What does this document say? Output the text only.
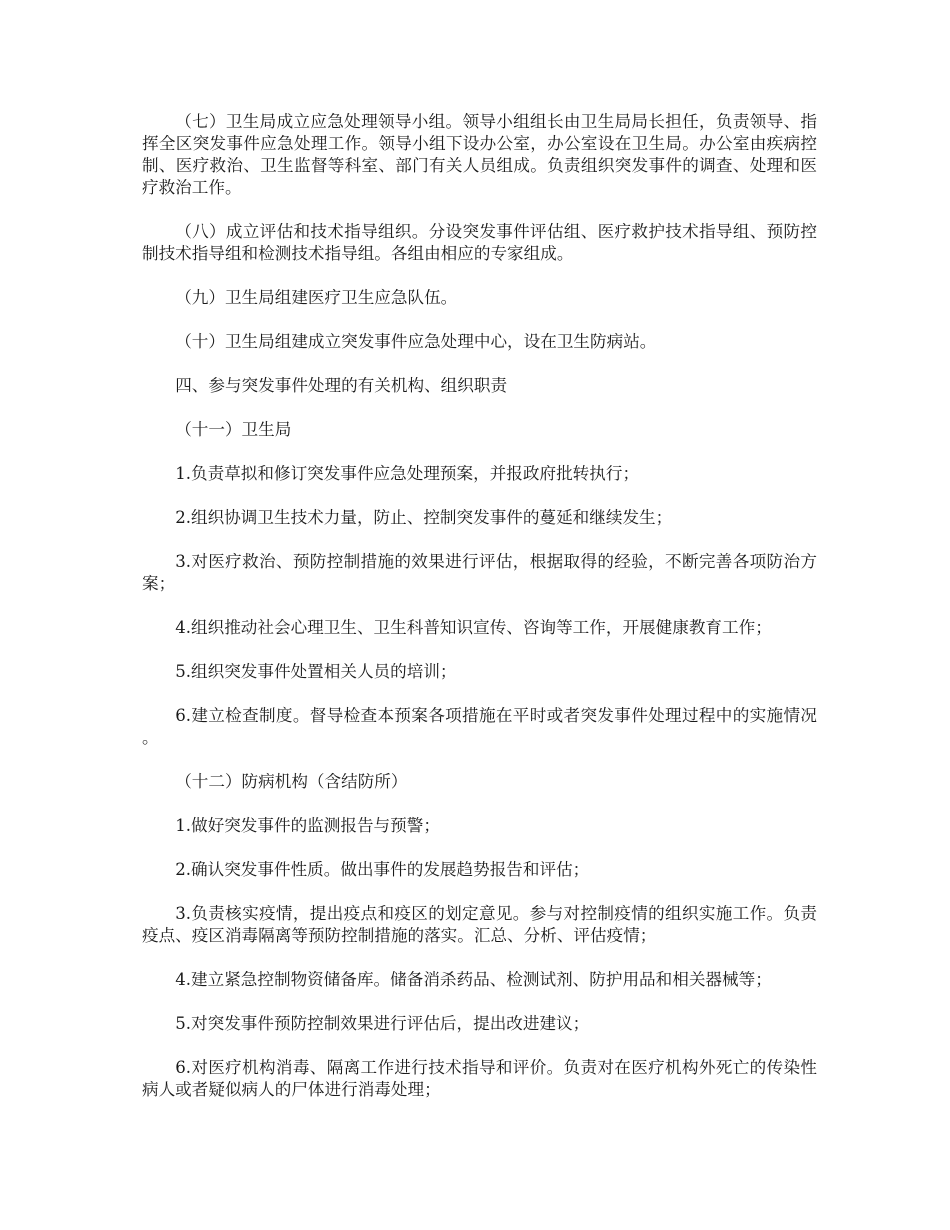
（七）卫生局成立应急处理领导小组。领导小组组长由卫生局局长担任，负责领导、指挥全区突发事件应急处理工作。领导小组下设办公室，办公室设在卫生局。办公室由疾病控制、医疗救治、卫生监督等科室、部门有关人员组成。负责组织突发事件的调查、处理和医疗救治工作。

（八）成立评估和技术指导组织。分设突发事件评估组、医疗救护技术指导组、预防控制技术指导组和检测技术指导组。各组由相应的专家组成。

（九）卫生局组建医疗卫生应急队伍。

（十）卫生局组建成立突发事件应急处理中心，设在卫生防病站。

四、参与突发事件处理的有关机构、组织职责

（十一）卫生局

1.负责草拟和修订突发事件应急处理预案，并报政府批转执行；

2.组织协调卫生技术力量，防止、控制突发事件的蔓延和继续发生；

3.对医疗救治、预防控制措施的效果进行评估，根据取得的经验，不断完善各项防治方案；

4.组织推动社会心理卫生、卫生科普知识宣传、咨询等工作，开展健康教育工作；

5.组织突发事件处置相关人员的培训；

6.建立检查制度。督导检查本预案各项措施在平时或者突发事件处理过程中的实施情况。

（十二）防病机构（含结防所）

1.做好突发事件的监测报告与预警；

2.确认突发事件性质。做出事件的发展趋势报告和评估；

3.负责核实疫情，提出疫点和疫区的划定意见。参与对控制疫情的组织实施工作。负责疫点、疫区消毒隔离等预防控制措施的落实。汇总、分析、评估疫情；

4.建立紧急控制物资储备库。储备消杀药品、检测试剂、防护用品和相关器械等；

5.对突发事件预防控制效果进行评估后，提出改进建议；

6.对医疗机构消毒、隔离工作进行技术指导和评价。负责对在医疗机构外死亡的传染性病人或者疑似病人的尸体进行消毒处理；
